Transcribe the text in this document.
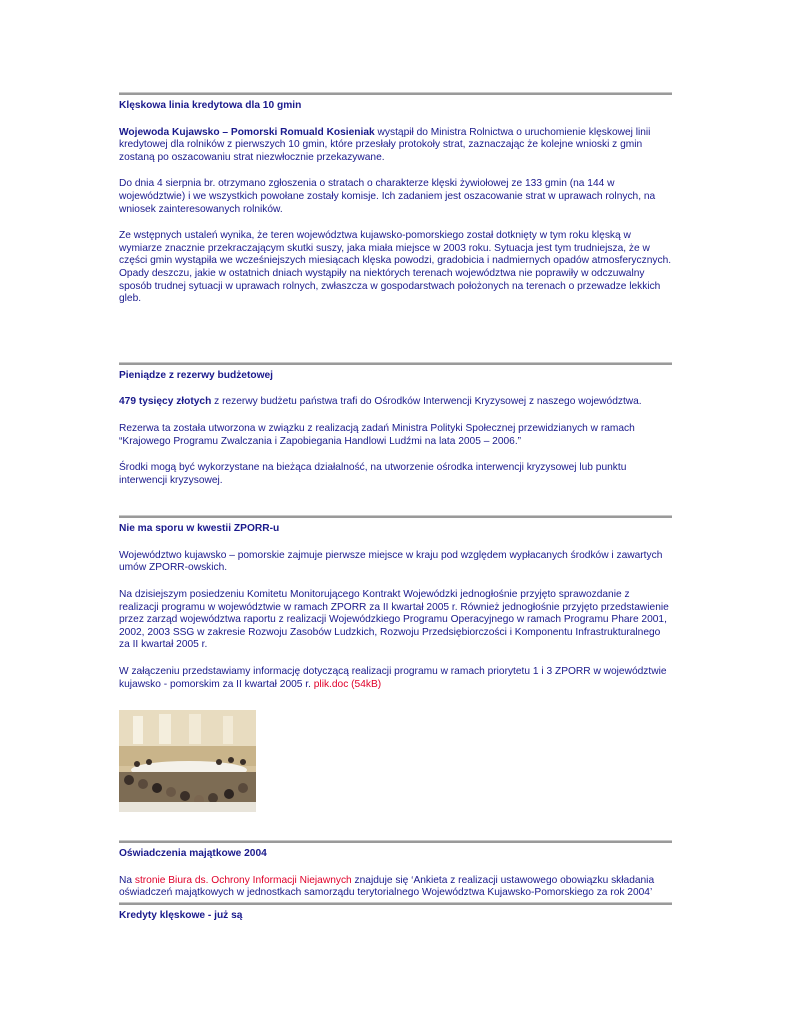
Klęskowa linia kredytowa dla 10 gmin

Wojewoda Kujawsko – Pomorski Romuald Kosieniak wystąpił do Ministra Rolnictwa o uruchomienie klęskowej linii kredytowej dla rolników z pierwszych 10 gmin, które przesłały protokoły strat, zaznaczając że kolejne wnioski z gmin zostaną po oszacowaniu strat niezwłocznie przekazywane.

Do dnia 4 sierpnia br. otrzymano zgłoszenia o stratach o charakterze klęski żywiołowej ze 133 gmin (na 144 w województwie) i we wszystkich powołane zostały komisje. Ich zadaniem jest oszacowanie strat w uprawach rolnych, na wniosek zainteresowanych rolników.

Ze wstępnych ustaleń wynika, że teren województwa kujawsko-pomorskiego został dotknięty w tym roku klęską w wymiarze znacznie przekraczającym skutki suszy, jaka miała miejsce w 2003 roku. Sytuacja jest tym trudniejsza, że w części gmin wystąpiła we wcześniejszych miesiącach klęska powodzi, gradobicia i nadmiernych opadów atmosferycznych. Opady deszczu, jakie w ostatnich dniach wystąpiły na niektórych terenach województwa nie poprawiły w odczuwalny sposób trudnej sytuacji w uprawach rolnych, zwłaszcza w gospodarstwach położonych na terenach o przewadze lekkich gleb.

Pieniądze z rezerwy budżetowej

479 tysięcy złotych z rezerwy budżetu państwa trafi do Ośrodków Interwencji Kryzysowej z naszego województwa.

Rezerwa ta została utworzona w związku z realizacją zadań Ministra Polityki Społecznej przewidzianych w ramach “Krajowego Programu Zwalczania i Zapobiegania Handlowi Ludźmi na lata 2005 – 2006.”

Środki mogą być wykorzystane na bieżąca działalność, na utworzenie ośrodka interwencji kryzysowej lub punktu interwencji kryzysowej.

Nie ma sporu w kwestii ZPORR-u

Województwo kujawsko – pomorskie zajmuje pierwsze miejsce w kraju pod względem wypłacanych środków i zawartych umów ZPORR-owskich.

Na dzisiejszym posiedzeniu Komitetu Monitorującego Kontrakt Wojewódzki jednogłośnie przyjęto sprawozdanie z realizacji programu w województwie w ramach ZPORR za II kwartał 2005 r. Również jednogłośnie przyjęto przedstawienie przez zarząd województwa raportu z realizacji Wojewódzkiego Programu Operacyjnego w ramach Programu Phare 2001, 2002, 2003 SSG w zakresie Rozwoju Zasobów Ludzkich, Rozwoju Przedsiębiorczości i Komponentu Infrastrukturalnego za II kwartał 2005 r.

W załączeniu przedstawiamy informację dotyczącą realizacji programu w ramach priorytetu 1 i 3 ZPORR w województwie kujawsko - pomorskim za II kwartał 2005 r. plik.doc (54kB)

Oświadczenia majątkowe 2004

Na stronie Biura ds. Ochrony Informacji Niejawnych znajduje się ‘Ankieta z realizacji ustawowego obowiązku składania oświadczeń majątkowych w jednostkach samorządu terytorialnego Województwa Kujawsko-Pomorskiego za rok 2004’

Kredyty klęskowe - już są
